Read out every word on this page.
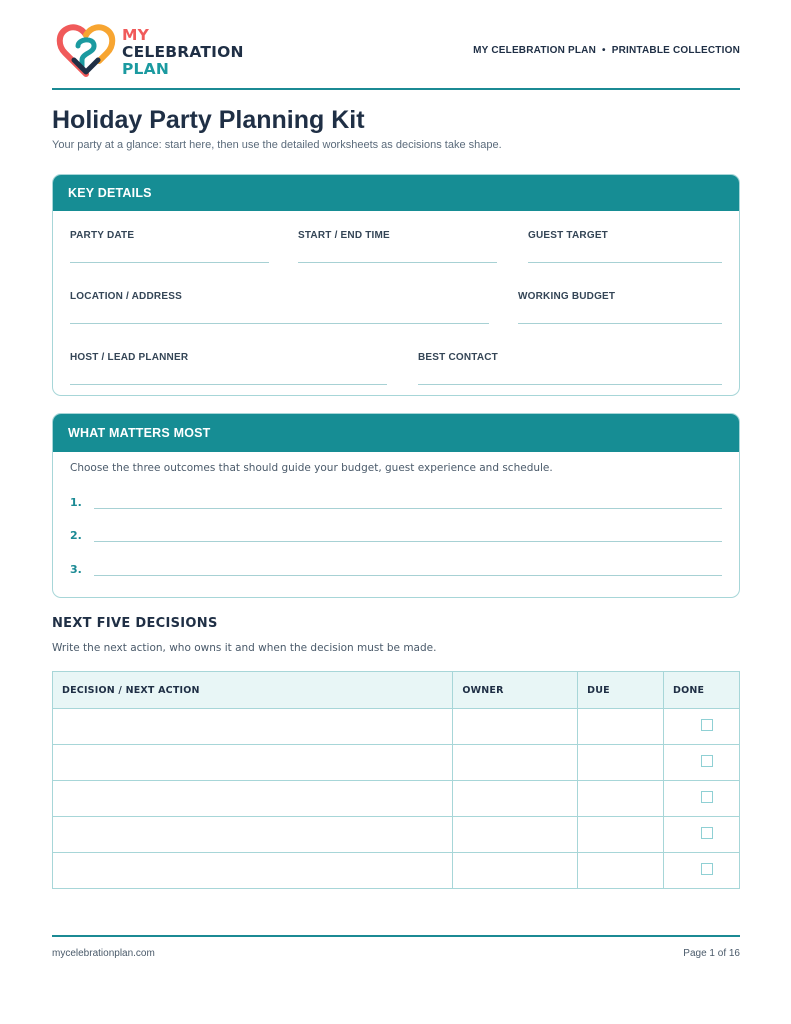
MY
CELEBRATION
PLAN
MY CELEBRATION PLAN • PRINTABLE COLLECTION
Holiday Party Planning Kit
Your party at a glance: start here, then use the detailed worksheets as decisions take shape.
KEY DETAILS
PARTY DATE	START / END TIME	GUEST TARGET
LOCATION / ADDRESS	WORKING BUDGET
HOST / LEAD PLANNER	BEST CONTACT
WHAT MATTERS MOST
Choose the three outcomes that should guide your budget, guest experience and schedule.
1.
2.
3.
NEXT FIVE DECISIONS
Write the next action, who owns it and when the decision must be made.
DECISION / NEXT ACTION	OWNER	DUE	DONE

mycelebrationplan.com	Page 1 of 16
